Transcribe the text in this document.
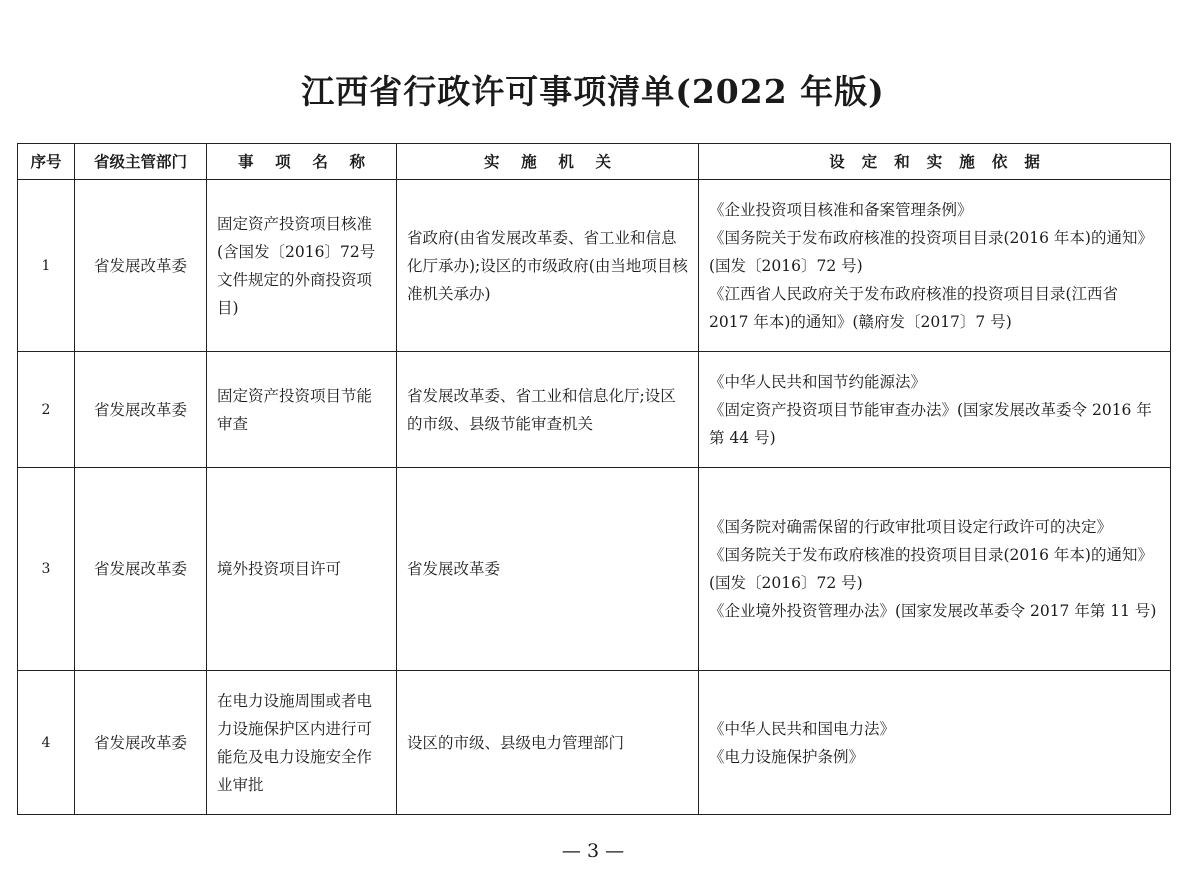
江西省行政许可事项清单(2022 年版)
序号	省级主管部门	事项名称	实施机关	设定和实施依据
1	省发展改革委	固定资产投资项目核准(含国发〔2016〕72号文件规定的外商投资项目)	省政府(由省发展改革委、省工业和信息化厅承办);设区的市级政府(由当地项目核准机关承办)	《企业投资项目核准和备案管理条例》
《国务院关于发布政府核准的投资项目目录(2016 年本)的通知》(国发〔2016〕72 号)
《江西省人民政府关于发布政府核准的投资项目目录(江西省 2017 年本)的通知》(赣府发〔2017〕7 号)

2	省发展改革委	固定资产投资项目节能审查	省发展改革委、省工业和信息化厅;设区的市级、县级节能审查机关	《中华人民共和国节约能源法》
《固定资产投资项目节能审查办法》(国家发展改革委令 2016 年第 44 号)

3	省发展改革委	境外投资项目许可	省发展改革委	《国务院对确需保留的行政审批项目设定行政许可的决定》
《国务院关于发布政府核准的投资项目目录(2016 年本)的通知》(国发〔2016〕72 号)
《企业境外投资管理办法》(国家发展改革委令 2017 年第 11 号)

4	省发展改革委	在电力设施周围或者电力设施保护区内进行可能危及电力设施安全作业审批	设区的市级、县级电力管理部门	《中华人民共和国电力法》
《电力设施保护条例》
— 3 —
